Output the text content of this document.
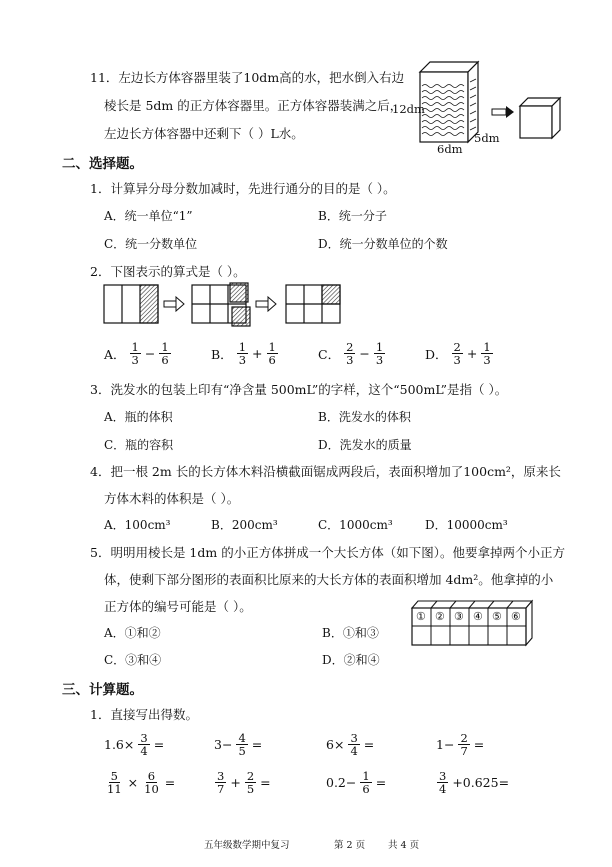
11．左边长方体容器里装了10dm高的水，把水倒入右边
棱长是 5dm 的正方体容器里。正方体容器装满之后，
左边长方体容器中还剩下（ ）L水。
12dm
6dm
5dm
二、选择题。
1．计算异分母分数加减时，先进行通分的目的是（ ）。
A．统一单位“1”	B．统一分子
C．统一分数单位	D．统一分数单位的个数
2．下图表示的算式是（ ）。
A． $\frac{1}{3} - \frac{1}{6}$	B． $\frac{1}{3} + \frac{1}{6}$	C． $\frac{2}{3} - \frac{1}{3}$	D． $\frac{2}{3} + \frac{1}{3}$
3．洗发水的包装上印有“净含量 500mL”的字样，这个“500mL”是指（ ）。
A．瓶的体积	B．洗发水的体积
C．瓶的容积	D．洗发水的质量
4．把一根 2m 长的长方体木料沿横截面锯成两段后，表面积增加了100cm²，原来长
方体木料的体积是（ ）。
A．100cm³	B．200cm³	C．1000cm³	D．10000cm³
5．明明用棱长是 1dm 的小正方体拼成一个大长方体（如下图）。他要拿掉两个小正方
体，使剩下部分图形的表面积比原来的大长方体的表面积增加 4dm²。他拿掉的小
正方体的编号可能是（ ）。
A．①和②	B．①和③
C．③和④	D．②和④
① ② ③ ④ ⑤ ⑥
三、计算题。
1．直接写出得数。
$1.6\times \frac{3}{4}$ =	$3- \frac{4}{5}$ =	$6\times \frac{3}{4}$ =	$1- \frac{2}{7}$ =
$\frac{5}{11} \times \frac{6}{10}$ =	$\frac{3}{7} + \frac{2}{5}$ =	$0.2- \frac{1}{6}$ =	$\frac{3}{4} +0.625=$
五年级数学期中复习	第 2 页 共 4 页
